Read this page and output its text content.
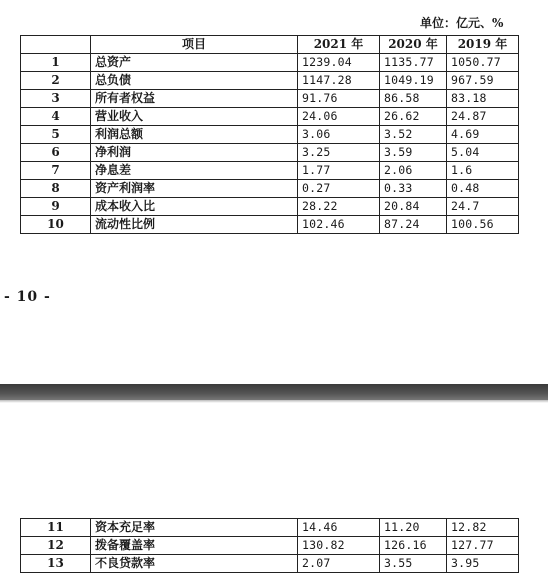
单位：亿元、%
	项目	2021 年	2020 年	2019 年
1	总资产	1239.04	1135.77	1050.77
2	总负债	1147.28	1049.19	967.59
3	所有者权益	91.76	86.58	83.18
4	营业收入	24.06	26.62	24.87
5	利润总额	3.06	3.52	4.69
6	净利润	3.25	3.59	5.04
7	净息差	1.77	2.06	1.6
8	资产利润率	0.27	0.33	0.48
9	成本收入比	28.22	20.84	24.7
10	流动性比例	102.46	87.24	100.56
- 10 -
11	资本充足率	14.46	11.20	12.82
12	拨备覆盖率	130.82	126.16	127.77
13	不良贷款率	2.07	3.55	3.95
